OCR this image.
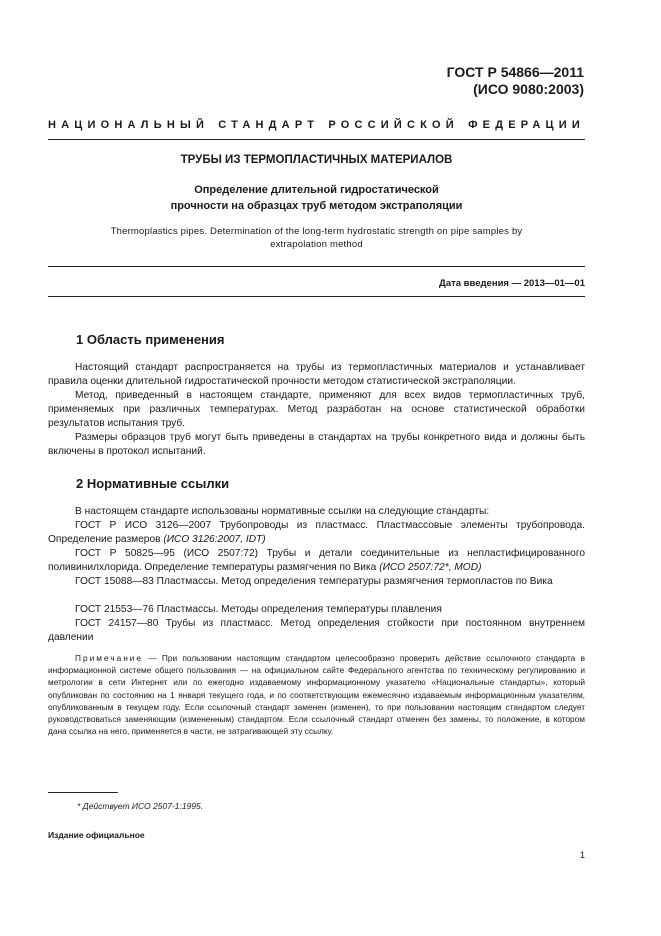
ГОСТ Р 54866—2011
(ИСО 9080:2003)
НАЦИОНАЛЬНЫЙ СТАНДАРТ РОССИЙСКОЙ ФЕДЕРАЦИИ
ТРУБЫ ИЗ ТЕРМОПЛАСТИЧНЫХ МАТЕРИАЛОВ
Определение длительной гидростатической
прочности на образцах труб методом экстраполяции
Thermoplastics pipes. Determination of the long-term hydrostatic strength on pipe samples by
extrapolation method
Дата введения — 2013—01—01
1 Область применения
Настоящий стандарт распространяется на трубы из термопластичных материалов и устанавливает правила оценки длительной гидростатической прочности методом статистической экстраполяции.
Метод, приведенный в настоящем стандарте, применяют для всех видов термопластичных труб, применяемых при различных температурах. Метод разработан на основе статистической обработки результатов испытания труб.
Размеры образцов труб могут быть приведены в стандартах на трубы конкретного вида и должны быть включены в протокол испытаний.
2 Нормативные ссылки
В настоящем стандарте использованы нормативные ссылки на следующие стандарты:
ГОСТ Р ИСО 3126—2007 Трубопроводы из пластмасс. Пластмассовые элементы трубопровода. Определение размеров (ИСО 3126:2007, IDT)
ГОСТ Р 50825—95 (ИСО 2507:72) Трубы и детали соединительные из непластифицированного поливинилхлорида. Определение температуры размягчения по Вика (ИСО 2507:72*, MOD)
ГОСТ 15088—83 Пластмассы. Метод определения температуры размягчения термопластов по Вика
ГОСТ 21553—76 Пластмассы. Методы определения температуры плавления
ГОСТ 24157—80 Трубы из пластмасс. Метод определения стойкости при постоянном внутреннем давлении
Примечание — При пользовании настоящим стандартом целесообразно проверить действие ссылочного стандарта в информационной системе общего пользования — на официальном сайте Федерального агентства по техническому регулированию и метрологии в сети Интернет или по ежегодно издаваемому информационному указателю «Национальные стандарты», который опубликован по состоянию на 1 января текущего года, и по соответствующим ежемесячно издаваемым информационным указателям, опубликованным в текущем году. Если ссылочный стандарт заменен (изменен), то при пользовании настоящим стандартом следует руководствоваться заменяющим (измененным) стандартом. Если ссылочный стандарт отменен без замены, то положение, в котором дана ссылка на него, применяется в части, не затрагивающей эту ссылку.
* Действует ИСО 2507-1:1995.
Издание официальное
1
